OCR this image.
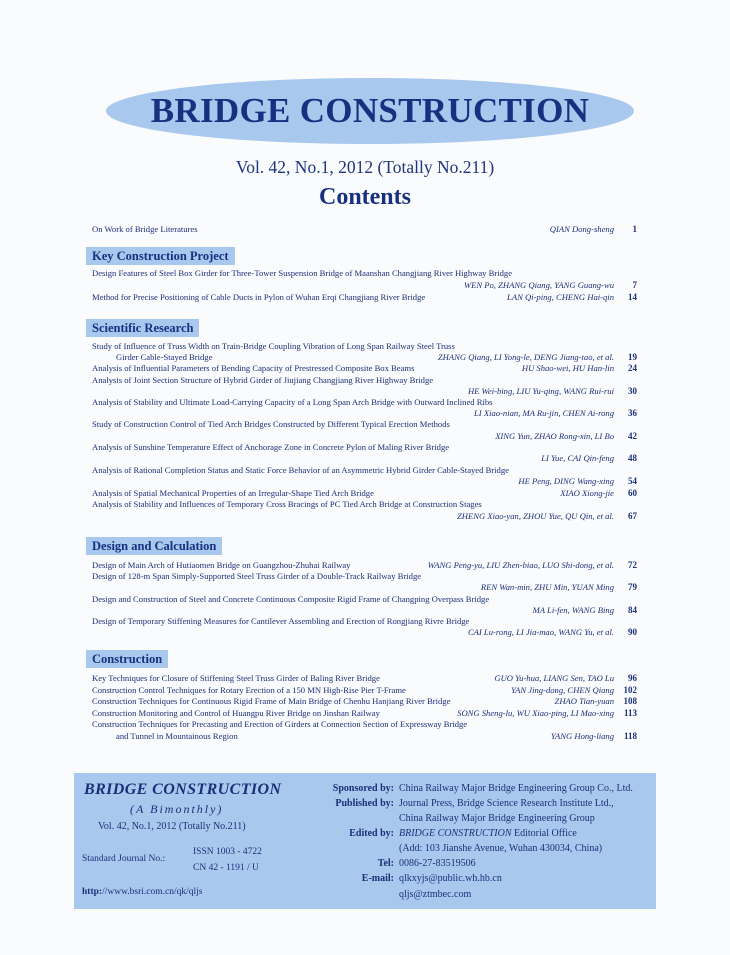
BRIDGE CONSTRUCTION
Vol. 42, No.1, 2012 (Totally No.211)
Contents
On Work of Bridge Literatures	QIAN Dong-sheng	1
Key Construction Project
Design Features of Steel Box Girder for Three-Tower Suspension Bridge of Maanshan Changjiang River Highway Bridge
WEN Po, ZHANG Qiang, YANG Guang-wu	7
Method for Precise Positioning of Cable Ducts in Pylon of Wuhan Erqi Changjiang River Bridge	LAN Qi-ping, CHENG Hai-qin	14
Scientific Research
Study of Influence of Truss Width on Train-Bridge Coupling Vibration of Long Span Railway Steel Truss
Girder Cable-Stayed Bridge	ZHANG Qiang, LI Yong-le, DENG Jiang-tao, et al.	19
Analysis of Influential Parameters of Bending Capacity of Prestressed Composite Box Beams	HU Shao-wei, HU Han-lin	24
Analysis of Joint Section Structure of Hybrid Girder of Jiujiang Changjiang River Highway Bridge
HE Wei-bing, LIU Yu-qing, WANG Rui-rui	30
Analysis of Stability and Ultimate Load-Carrying Capacity of a Long Span Arch Bridge with Outward Inclined Ribs
LI Xiao-nian, MA Ru-jin, CHEN Ai-rong	36
Study of Construction Control of Tied Arch Bridges Constructed by Different Typical Erection Methods
XING Yun, ZHAO Rong-xin, LI Bo	42
Analysis of Sunshine Temperature Effect of Anchorage Zone in Concrete Pylon of Maling River Bridge
LI Yue, CAI Qin-feng	48
Analysis of Rational Completion Status and Static Force Behavior of an Asymmetric Hybrid Girder Cable-Stayed Bridge
HE Peng, DING Wang-xing	54
Analysis of Spatial Mechanical Properties of an Irregular-Shape Tied Arch Bridge	XIAO Xiong-jie	60
Analysis of Stability and Influences of Temporary Cross Bracings of PC Tied Arch Bridge at Construction Stages
ZHENG Xiao-yan, ZHOU Yue, QU Qin, et al.	67
Design and Calculation
Design of Main Arch of Hutiaomen Bridge on Guangzhou-Zhuhai Railway	WANG Peng-yu, LIU Zhen-biao, LUO Shi-dong, et al.	72
Design of 128-m Span Simply-Supported Steel Truss Girder of a Double-Track Railway Bridge
REN Wan-min, ZHU Min, YUAN Ming	79
Design and Construction of Steel and Concrete Continuous Composite Rigid Frame of Changping Overpass Bridge
MA Li-fen, WANG Bing	84
Design of Temporary Stiffening Measures for Cantilever Assembling and Erection of Rongjiang Rivre Bridge
CAI Lu-rong, LI Jia-mao, WANG Yu, et al.	90
Construction
Key Techniques for Closure of Stiffening Steel Truss Girder of Baling River Bridge	GUO Yu-hua, LIANG Sen, TAO Lu	96
Construction Control Techniques for Rotary Erection of a 150 MN High-Rise Pier T-Frame	YAN Jing-dong, CHEN Qiang	102
Construction Techniques for Continuous Rigid Frame of Main Bridge of Chenhu Hanjiang River Bridge	ZHAO Tian-yuan	108
Construction Monitoring and Control of Huangpu River Bridge on Jinshan Railway	SONG Sheng-lu, WU Xiao-ping, LI Mao-xing	113
Construction Techniques for Precasting and Erection of Girders at Connection Section of Expressway Bridge
and Tunnel in Mountainous Region	YANG Hong-liang	118
BRIDGE CONSTRUCTION
(A Bimonthly)
Vol. 42, No.1, 2012 (Totally No.211)
Standard Journal No.:
ISSN 1003 - 4722
CN 42 - 1191 / U
http://www.bsri.com.cn/qk/qljs
Sponsored by: China Railway Major Bridge Engineering Group Co., Ltd.
Published by: Journal Press, Bridge Science Research Institute Ltd.,
China Railway Major Bridge Engineering Group
Edited by: BRIDGE CONSTRUCTION Editorial Office
(Add: 103 Jianshe Avenue, Wuhan 430034, China)
Tel: 0086-27-83519506
E-mail: qlkxyjs@public.wh.hb.cn
qljs@ztmbec.com
